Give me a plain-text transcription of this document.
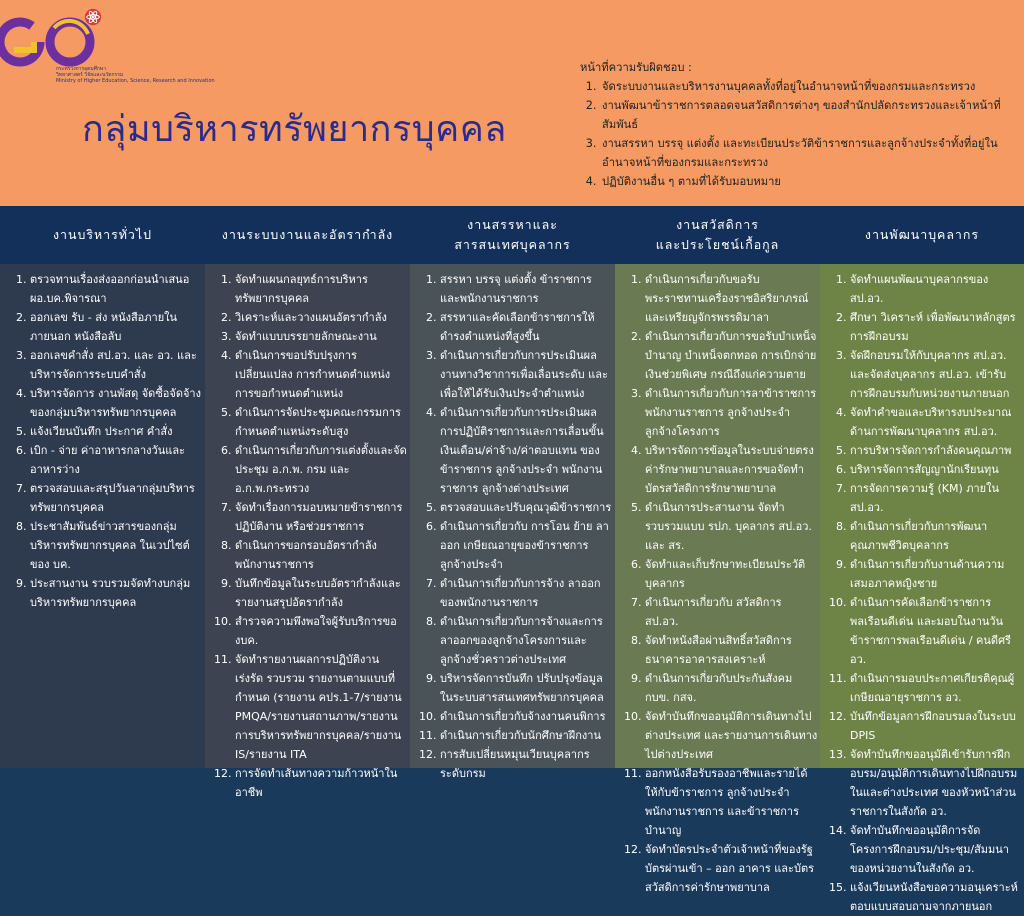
กระทรวงการอุดมศึกษา
วิทยาศาสตร์ วิจัยและนวัตกรรม
Ministry of Higher Education, Science, Research and Innovation
กลุ่มบริหารทรัพยากรบุคคล
หน้าที่ความรับผิดชอบ :
1. จัดระบบงานและบริหารงานบุคคลทั้งที่อยู่ในอำนาจหน้าที่ของกรมและกระทรวง
2. งานพัฒนาข้าราชการตลอดจนสวัสดิการต่างๆ ของสำนักปลัดกระทรวงและเจ้าหน้าที่สัมพันธ์
3. งานสรรหา บรรจุ แต่งตั้ง และทะเบียนประวัติข้าราชการและลูกจ้างประจำทั้งที่อยู่ในอำนาจหน้าที่ของกรมและกระทรวง
4. ปฏิบัติงานอื่น ๆ ตามที่ได้รับมอบหมาย
งานบริหารทั่วไป	งานระบบงานและอัตรากำลัง
งานสรรหาและ
สารสนเทศบุคลากร
งานสวัสดิการ
และประโยชน์เกื้อกูล
งานพัฒนาบุคลากร
1. ตรวจทานเรื่องส่งออกก่อนนำเสนอ ผอ.บค.พิจารณา
2. ออกเลข รับ - ส่ง หนังสือภายใน ภายนอก หนังสือลับ
3. ออกเลขคำสั่ง สป.อว. และ อว. และบริหารจัดการระบบคำสั่ง
4. บริหารจัดการ งานพัสดุ จัดซื้อจัดจ้างของกลุ่มบริหารทรัพยากรบุคคล
5. แจ้งเวียนบันทึก ประกาศ คำสั่ง
6. เบิก - จ่าย ค่าอาหารกลางวันและอาหารว่าง
7. ตรวจสอบและสรุปวันลากลุ่มบริหารทรัพยากรบุคคล
8. ประชาสัมพันธ์ข่าวสารของกลุ่มบริหารทรัพยากรบุคคล ในเวปไซต์ของ บค.
9. ประสานงาน รวบรวมจัดทำงบกลุ่มบริหารทรัพยากรบุคคล
1. จัดทำแผนกลยุทธ์การบริหารทรัพยากรบุคคล
2. วิเคราะห์และวางแผนอัตรากำลัง
3. จัดทำแบบบรรยายลักษณะงาน
4. ดำเนินการขอปรับปรุงการเปลี่ยนแปลง การกำหนดตำแหน่งการขอกำหนดตำแหน่ง
5. ดำเนินการจัดประชุมคณะกรรมการกำหนดตำแหน่งระดับสูง
6. ดำเนินการเกี่ยวกับการแต่งตั้งและจัดประชุม อ.ก.พ. กรม และ อ.ก.พ.กระทรวง
7. จัดทำเรื่องการมอบหมายข้าราชการปฏิบัติงาน หรือช่วยราชการ
8. ดำเนินการขอกรอบอัตรากำลังพนักงานราชการ
9. บันทึกข้อมูลในระบบอัตรากำลังและรายงานสรุปอัตรากำลัง
10. สำรวจความพึงพอใจผู้รับบริการของบค.
11. จัดทำรายงานผลการปฏิบัติงาน เร่งรัด รวบรวม รายงานตามแบบที่กำหนด (รายงาน คปร.1-7/รายงาน PMQA/รายงานสถานภาพ/รายงานการบริหารทรัพยากรบุคคล/รายงาน IS/รายงาน ITA
12. การจัดทำเส้นทางความก้าวหน้าในอาชีพ
1. สรรหา บรรจุ แต่งตั้ง ข้าราชการ และพนักงานราชการ
2. สรรหาและคัดเลือกข้าราชการให้ดำรงตำแหน่งที่สูงขึ้น
3. ดำเนินการเกี่ยวกับการประเมินผลงานทางวิชาการเพื่อเลื่อนระดับ และเพื่อให้ได้รับเงินประจำตำแหน่ง
4. ดำเนินการเกี่ยวกับการประเมินผลการปฏิบัติราชการและการเลื่อนขั้นเงินเดือน/ค่าจ้าง/ค่าตอบแทน ของข้าราชการ ลูกจ้างประจำ พนักงานราชการ ลูกจ้างต่างประเทศ
5. ตรวจสอบและปรับคุณวุฒิข้าราชการ
6. ดำเนินการเกี่ยวกับ การโอน ย้าย ลาออก เกษียณอายุของข้าราชการ ลูกจ้างประจำ
7. ดำเนินการเกี่ยวกับการจ้าง ลาออก ของพนักงานราชการ
8. ดำเนินการเกี่ยวกับการจ้างและการลาออกของลูกจ้างโครงการและลูกจ้างชั่วคราวต่างประเทศ
9. บริหารจัดการบันทึก ปรับปรุงข้อมูลในระบบสารสนเทศทรัพยากรบุคคล
10. ดำเนินการเกี่ยวกับจ้างงานคนพิการ
11. ดำเนินการเกี่ยวกับนักศึกษาฝึกงาน
12. การสับเปลี่ยนหมุนเวียนบุคลากรระดับกรม
1. ดำเนินการเกี่ยวกับขอรับพระราชทานเครื่องราชอิสริยาภรณ์และเหรียญจักรพรรดิมาลา
2. ดำเนินการเกี่ยวกับการขอรับบำเหน็จบำนาญ บำเหน็จตกทอด การเบิกจ่ายเงินช่วยพิเศษ กรณีถึงแก่ความตาย
3. ดำเนินการเกี่ยวกับการลาข้าราชการ พนักงานราชการ ลูกจ้างประจำ ลูกจ้างโครงการ
4. บริหารจัดการข้อมูลในระบบจ่ายตรงค่ารักษาพยาบาลและการขอจัดทำบัตรสวัสดิการรักษาพยาบาล
5. ดำเนินการประสานงาน จัดทำ รวบรวมแบบ รปภ. บุคลากร สป.อว. และ สร.
6. จัดทำและเก็บรักษาทะเบียนประวัติบุคลากร
7. ดำเนินการเกี่ยวกับ สวัสดิการ สป.อว.
8. จัดทำหนังสือผ่านสิทธิ์สวัสดิการธนาคารอาคารสงเคราะห์
9. ดำเนินการเกี่ยวกับประกันสังคม กบข. กสจ.
10. จัดทำบันทึกขออนุมัติการเดินทางไปต่างประเทศ และรายงานการเดินทางไปต่างประเทศ
11. ออกหนังสือรับรองอาชีพและรายได้ให้กับข้าราชการ ลูกจ้างประจำ พนักงานราชการ และข้าราชการบำนาญ
12. จัดทำบัตรประจำตัวเจ้าหน้าที่ของรัฐบัตรผ่านเข้า – ออก อาคาร และบัตรสวัสดิการค่ารักษาพยาบาล
1. จัดทำแผนพัฒนาบุคลากรของ สป.อว.
2. ศึกษา วิเคราะห์ เพื่อพัฒนาหลักสูตรการฝึกอบรม
3. จัดฝึกอบรมให้กับบุคลากร สป.อว. และจัดส่งบุคลากร สป.อว. เข้ารับการฝึกอบรมกับหน่วยงานภายนอก
4. จัดทำคำขอและบริหารงบประมาณด้านการพัฒนาบุคลากร สป.อว.
5. การบริหารจัดการกำลังคนคุณภาพ
6. บริหารจัดการสัญญานักเรียนทุน
7. การจัดการความรู้ (KM) ภายใน สป.อว.
8. ดำเนินการเกี่ยวกับการพัฒนาคุณภาพชีวิตบุคลากร
9. ดำเนินการเกี่ยวกับงานด้านความเสมอภาคหญิงชาย
10. ดำเนินการคัดเลือกข้าราชการพลเรือนดีเด่น และมอบในงานวันข้าราชการพลเรือนดีเด่น / คนดีศรี อว.
11. ดำเนินการมอบประกาศเกียรติคุณผู้เกษียณอายุราชการ อว.
12. บันทึกข้อมูลการฝึกอบรมลงในระบบ DPIS
13. จัดทำบันทึกขออนุมัติเข้ารับการฝึกอบรม/อนุมัติการเดินทางไปฝึกอบรมในและต่างประเทศ ของหัวหน้าส่วนราชการในสังกัด อว.
14. จัดทำบันทึกขออนุมัติการจัดโครงการฝึกอบรม/ประชุม/สัมมนาของหน่วยงานในสังกัด อว.
15. แจ้งเวียนหนังสือขอความอนุเคราะห์ตอบแบบสอบถามจากภายนอก
